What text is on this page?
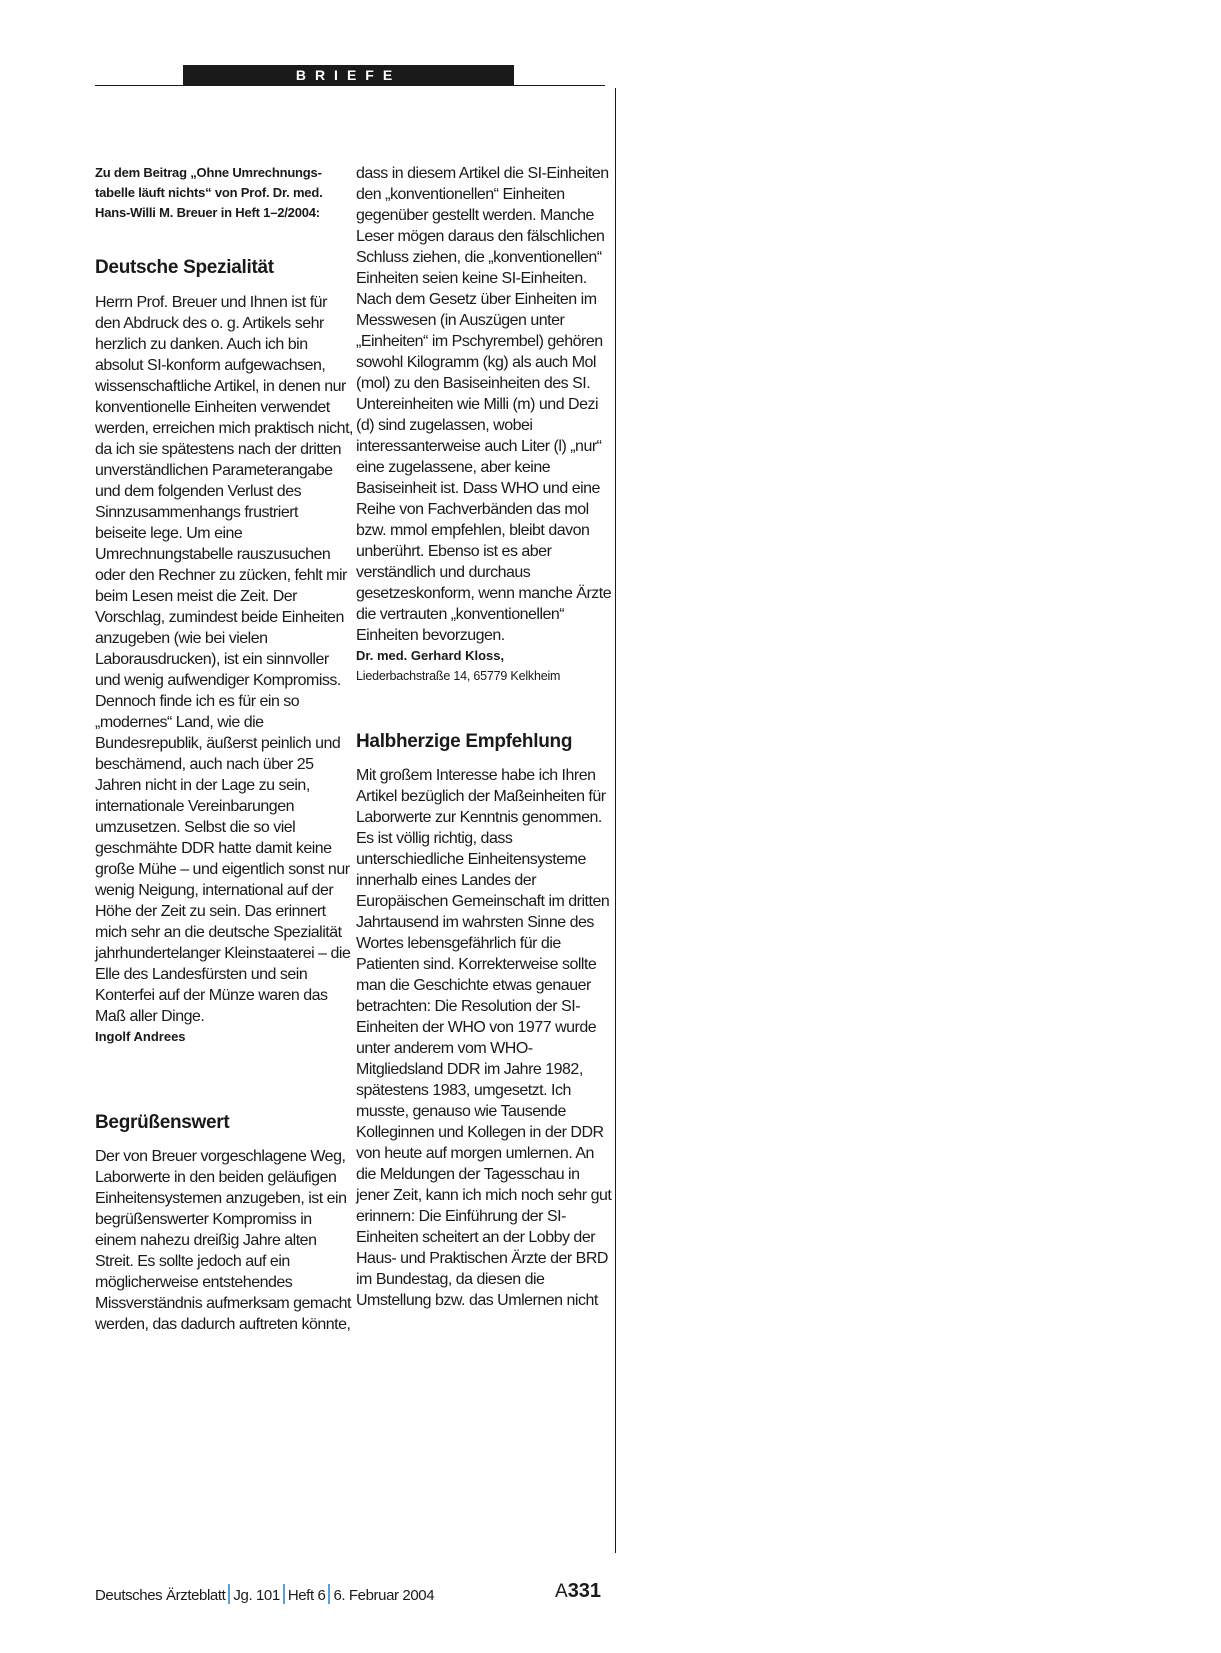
BRIEFE

Zu dem Beitrag „Ohne Umrechnungs-tabelle läuft nichts“ von Prof. Dr. med. Hans-Willi M. Breuer in Heft 1–2/2004:

Deutsche Spezialität

Herrn Prof. Breuer und Ihnen ist für den Abdruck des o. g. Artikels sehr herzlich zu danken. Auch ich bin absolut SI-konform aufgewachsen, wissenschaftliche Artikel, in denen nur konventionelle Einheiten verwendet werden, erreichen mich praktisch nicht, da ich sie spätestens nach der dritten unverständlichen Parameterangabe und dem folgenden Verlust des Sinnzusammenhangs frustriert beiseite lege. Um eine Umrechnungstabelle rauszusuchen oder den Rechner zu zücken, fehlt mir beim Lesen meist die Zeit. Der Vorschlag, zumindest beide Einheiten anzugeben (wie bei vielen Laborausdrucken), ist ein sinnvoller und wenig aufwendiger Kompromiss. Dennoch finde ich es für ein so „modernes“ Land, wie die Bundesrepublik, äußerst peinlich und beschämend, auch nach über 25 Jahren nicht in der Lage zu sein, internationale Vereinbarungen umzusetzen. Selbst die so viel geschmähte DDR hatte damit keine große Mühe – und eigentlich sonst nur wenig Neigung, international auf der Höhe der Zeit zu sein. Das erinnert mich sehr an die deutsche Spezialität jahrhundertelanger Kleinstaaterei – die Elle des Landesfürsten und sein Konterfei auf der Münze waren das Maß aller Dinge.

Ingolf Andrees

Begrüßenswert

Der von Breuer vorgeschlagene Weg, Laborwerte in den beiden geläufigen Einheitensystemen anzugeben, ist ein begrüßenswerter Kompromiss in einem nahezu dreißig Jahre alten Streit. Es sollte jedoch auf ein möglicherweise entstehendes Missverständnis aufmerksam gemacht werden, das dadurch auftreten könnte,

dass in diesem Artikel die SI-Einheiten den „konventionellen“ Einheiten gegenüber gestellt werden. Manche Leser mögen daraus den fälschlichen Schluss ziehen, die „konventionellen“ Einheiten seien keine SI-Einheiten. Nach dem Gesetz über Einheiten im Messwesen (in Auszügen unter „Einheiten“ im Pschyrembel) gehören sowohl Kilogramm (kg) als auch Mol (mol) zu den Basiseinheiten des SI. Untereinheiten wie Milli (m) und Dezi (d) sind zugelassen, wobei interessanterweise auch Liter (l) „nur“ eine zugelassene, aber keine Basiseinheit ist. Dass WHO und eine Reihe von Fachverbänden das mol bzw. mmol empfehlen, bleibt davon unberührt. Ebenso ist es aber verständlich und durchaus gesetzeskonform, wenn manche Ärzte die vertrauten „konventionellen“ Einheiten bevorzugen.

Dr. med. Gerhard Kloss,

Liederbachstraße 14, 65779 Kelkheim

Halbherzige Empfehlung

Mit großem Interesse habe ich Ihren Artikel bezüglich der Maßeinheiten für Laborwerte zur Kenntnis genommen. Es ist völlig richtig, dass unterschiedliche Einheitensysteme innerhalb eines Landes der Europäischen Gemeinschaft im dritten Jahrtausend im wahrsten Sinne des Wortes lebensgefährlich für die Patienten sind. Korrekterweise sollte man die Geschichte etwas genauer betrachten: Die Resolution der SI-Einheiten der WHO von 1977 wurde unter anderem vom WHO-Mitgliedsland DDR im Jahre 1982, spätestens 1983, umgesetzt. Ich musste, genauso wie Tausende Kolleginnen und Kollegen in der DDR von heute auf morgen umlernen. An die Meldungen der Tagesschau in jener Zeit, kann ich mich noch sehr gut erinnern: Die Einführung der SI-Einheiten scheitert an der Lobby der Haus- und Praktischen Ärzte der BRD im Bundestag, da diesen die Umstellung bzw. das Umlernen nicht

Deutsches Ärzteblatt Jg. 101 Heft 6 6. Februar 2004	A331
